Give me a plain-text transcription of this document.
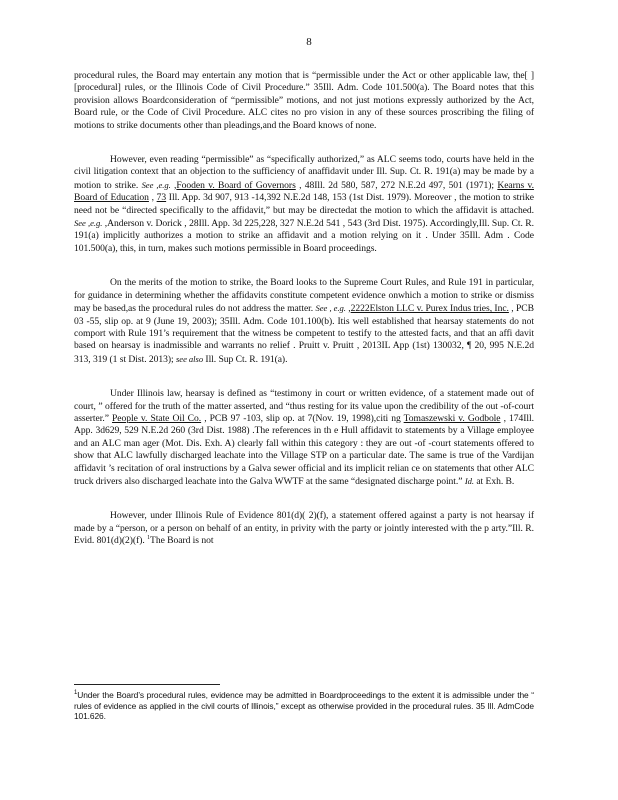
8

procedural rules, the Board may entertain any motion that is “permissible under the Act or other applicable law, the[ ] [procedural] rules, or the Illinois Code of Civil Procedure.” 35Ill. Adm. Code 101.500(a). The Board notes that this provision allows Boardconsideration of “permissible” motions, and not just motions expressly authorized by the Act, Board rule, or the Code of Civil Procedure. ALC cites no pro vision in any of these sources proscribing the filing of motions to strike documents other than pleadings,and the Board knows of none.

However, even reading “permissible” as “specifically authorized,” as ALC seems todo, courts have held in the civil litigation context that an objection to the sufficiency of anaffidavit under Ill. Sup. Ct. R. 191(a) may be made by a motion to strike. See ,e.g. ,Fooden v. Board of Governors , 48Ill. 2d 580, 587, 272 N.E.2d 497, 501 (1971); Kearns v. Board of Education , 73 Ill. App. 3d 907, 913 -14,392 N.E.2d 148, 153 (1st Dist. 1979). Moreover , the motion to strike need not be “directed specifically to the affidavit,” but may be directedat the motion to which the affidavit is attached. See ,e.g. ,Anderson v. Dorick , 28Ill. App. 3d 225,228, 327 N.E.2d 541 , 543 (3rd Dist. 1975). Accordingly,Ill. Sup. Ct. R. 191(a) implicitly authorizes a motion to strike an affidavit and a motion relying on it . Under 35Ill. Adm . Code 101.500(a), this, in turn, makes such motions permissible in Board proceedings.

On the merits of the motion to strike, the Board looks to the Supreme Court Rules, and Rule 191 in particular, for guidance in determining whether the affidavits constitute competent evidence onwhich a motion to strike or dismiss may be based,as the procedural rules do not address the matter. See , e.g. ,2222Elston LLC v. Purex Indus tries, Inc. , PCB 03 -55, slip op. at 9 (June 19, 2003); 35Ill. Adm. Code 101.100(b). Itis well established that hearsay statements do not comport with Rule 191’s requirement that the witness be competent to testify to the attested facts, and that an affi davit based on hearsay is inadmissible and warrants no relief . Pruitt v. Pruitt , 2013IL App (1st) 130032, ¶ 20, 995 N.E.2d 313, 319 (1 st Dist. 2013); see also Ill. Sup Ct. R. 191(a).

Under Illinois law, hearsay is defined as “testimony in court or written evidence, of a statement made out of court, ” offered for the truth of the matter asserted, and “thus resting for its value upon the credibility of the out -of-court asserter.” People v. State Oil Co. , PCB 97 -103, slip op. at 7(Nov. 19, 1998),citi ng Tomaszewski v. Godbole , 174Ill. App. 3d629, 529 N.E.2d 260 (3rd Dist. 1988) .The references in th e Hull affidavit to statements by a Village employee and an ALC man ager (Mot. Dis. Exh. A) clearly fall within this category : they are out -of -court statements offered to show that ALC lawfully discharged leachate into the Village STP on a particular date. The same is true of the Vardijan affidavit ’s recitation of oral instructions by a Galva sewer official and its implicit relian ce on statements that other ALC truck drivers also discharged leachate into the Galva WWTF at the same “designated discharge point.” Id. at Exh. B.

However, under Illinois Rule of Evidence 801(d)( 2)(f), a statement offered against a party is not hearsay if made by a “person, or a person on behalf of an entity, in privity with the party or jointly interested with the p arty.”Ill. R. Evid. 801(d)(2)(f). $^1$The Board is not

$^1$Under the Board’s procedural rules, evidence may be admitted in Boardproceedings to the extent it is admissible under the “ rules of evidence as applied in the civil courts of Illinois,” except as otherwise provided in the procedural rules. 35 Ill. AdmCode 101.626.
